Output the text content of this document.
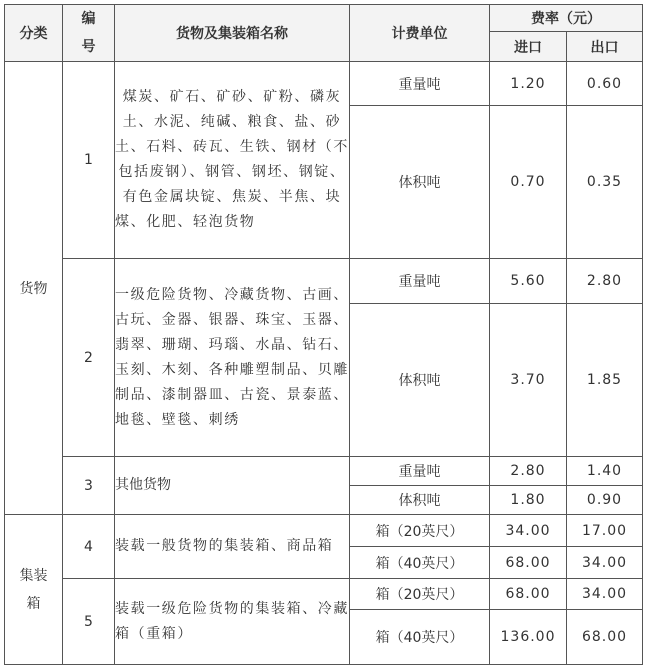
分类	编号	货物及集装箱名称	计费单位	费率（元）	
				进口	出口
货物	1	煤炭、矿石、矿砂、矿粉、磷灰土、水泥、纯碱、粮食、盐、砂土、石料、砖瓦、生铁、钢材（不包括废钢）、钢管、钢坯、钢锭、有色金属块锭、焦炭、半焦、块煤、化肥、轻泡货物	重量吨	1.20	0.60
			体积吨	0.70	0.35
	2	一级危险货物、冷藏货物、古画、古玩、金器、银器、珠宝、玉器、翡翠、珊瑚、玛瑙、水晶、钻石、玉刻、木刻、各种雕塑制品、贝雕制品、漆制器皿、古瓷、景泰蓝、地毯、壁毯、刺绣	重量吨	5.60	2.80
			体积吨	3.70	1.85
	3	其他货物	重量吨	2.80	1.40
			体积吨	1.80	0.90
集装箱	4	装载一般货物的集装箱、商品箱	箱（20英尺）	34.00	17.00
			箱（40英尺）	68.00	34.00
	5	装载一级危险货物的集装箱、冷藏箱（重箱）	箱（20英尺）	68.00	34.00
			箱（40英尺）	136.00	68.00
